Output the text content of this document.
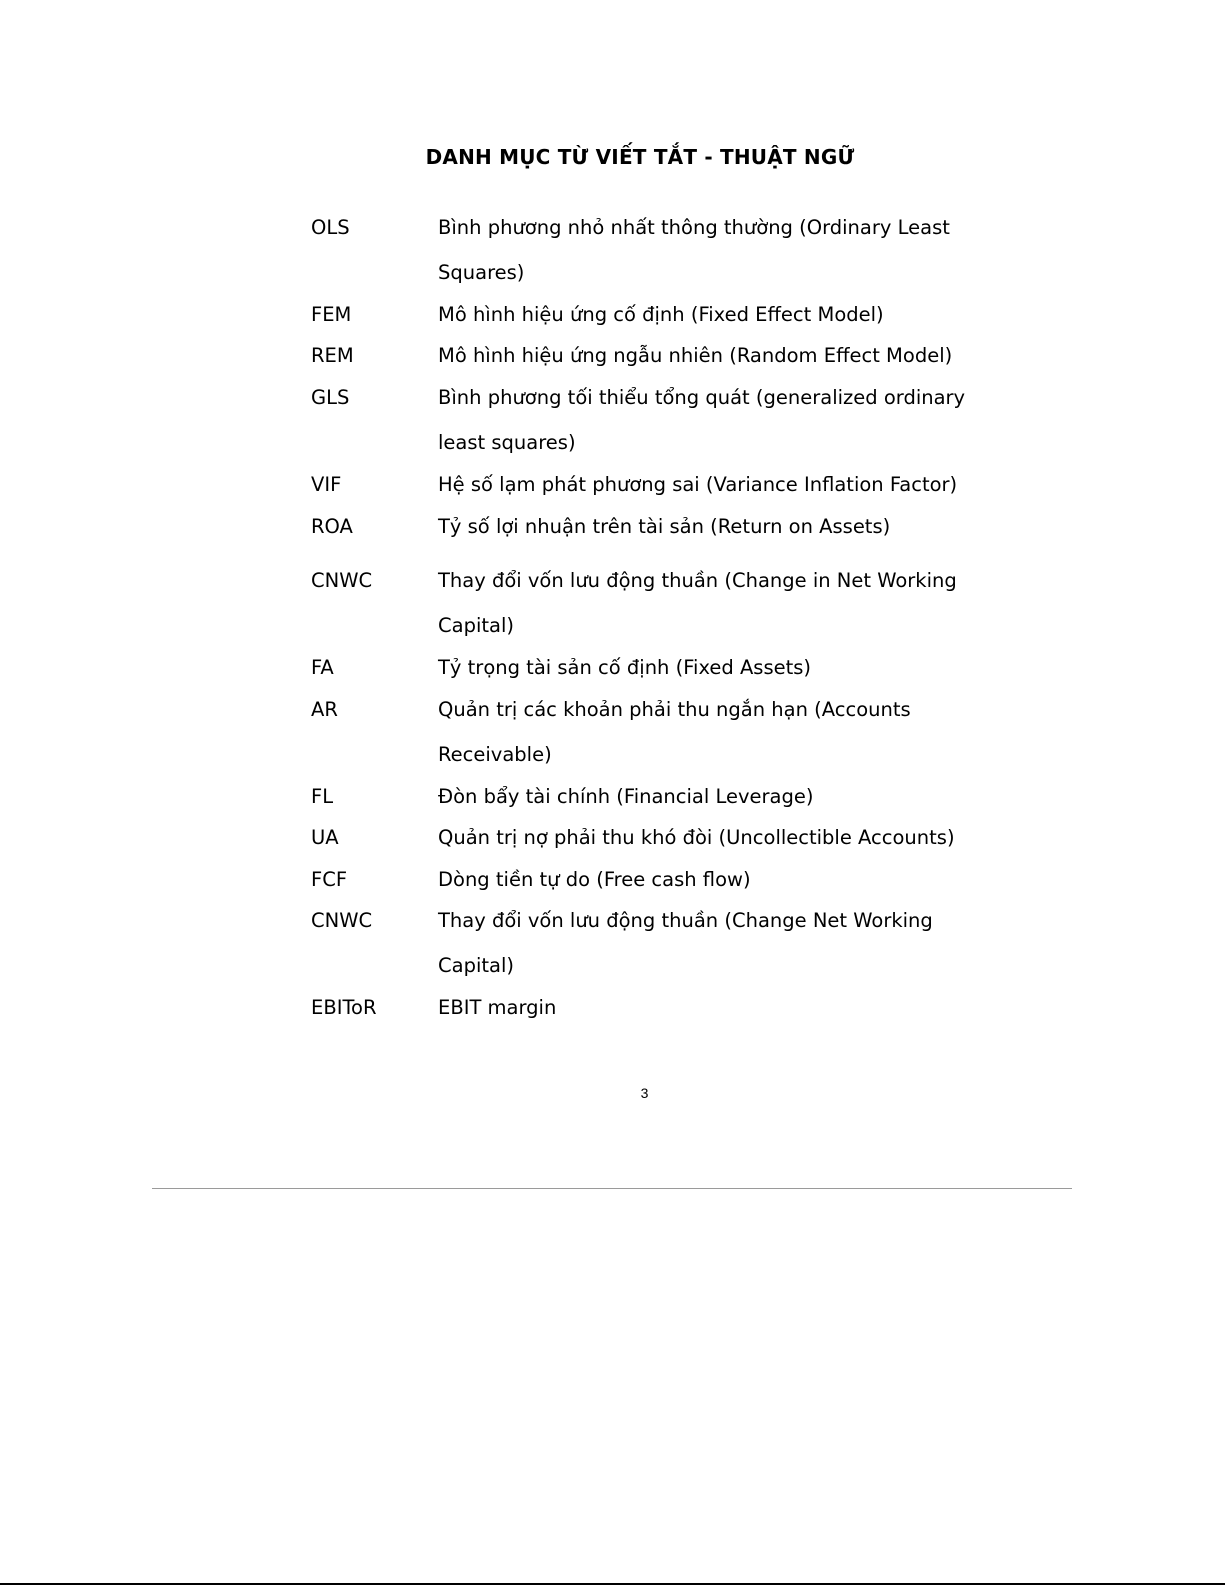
DANH MỤC TỪ VIẾT TẮT - THUẬT NGỮ
OLS	Bình phương nhỏ nhất thông thường (Ordinary Least Squares)
FEM	Mô hình hiệu ứng cố định (Fixed Effect Model)
REM	Mô hình hiệu ứng ngẫu nhiên (Random Effect Model)
GLS	Bình phương tối thiểu tổng quát (generalized ordinary least squares)
VIF	Hệ số lạm phát phương sai (Variance Inflation Factor)
ROA	Tỷ số lợi nhuận trên tài sản (Return on Assets)
CNWC	Thay đổi vốn lưu động thuần (Change in Net Working Capital)
FA	Tỷ trọng tài sản cố định (Fixed Assets)
AR	Quản trị các khoản phải thu ngắn hạn (Accounts Receivable)
FL	Đòn bẩy tài chính (Financial Leverage)
UA	Quản trị nợ phải thu khó đòi (Uncollectible Accounts)
FCF	Dòng tiền tự do (Free cash flow)
CNWC	Thay đổi vốn lưu động thuần (Change Net Working Capital)
EBIToR	EBIT margin
3
